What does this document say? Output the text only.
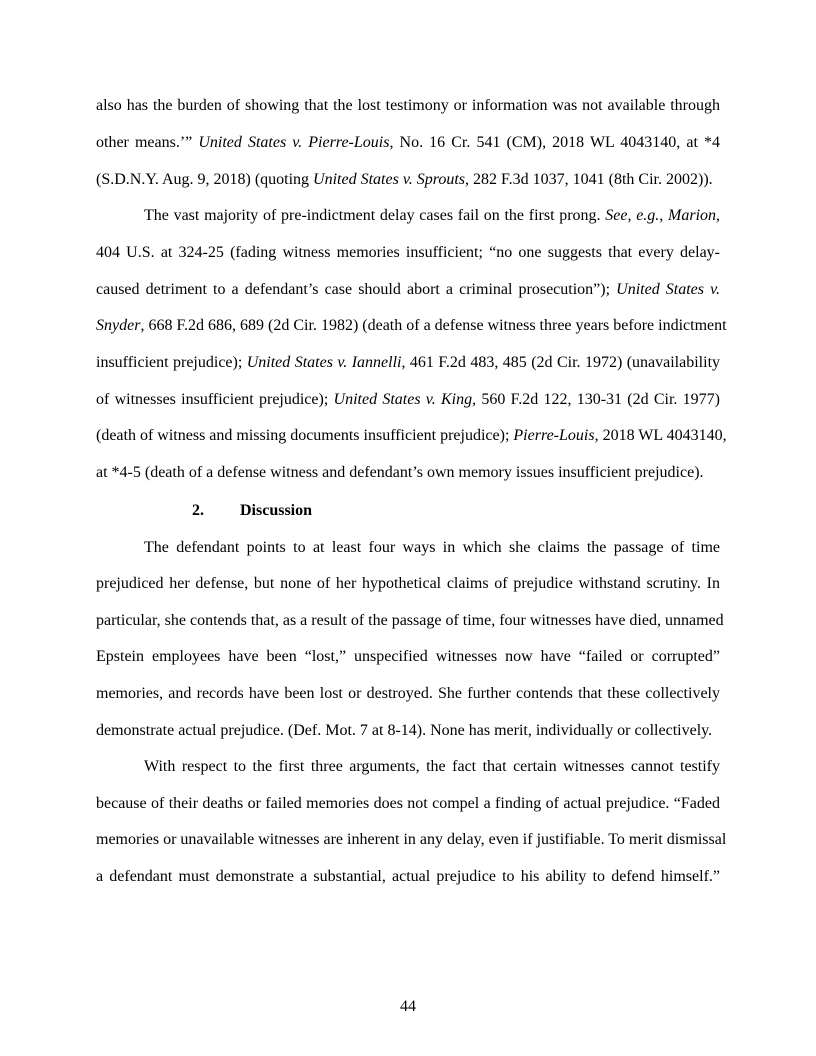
also has the burden of showing that the lost testimony or information was not available through
other means.’” United States v. Pierre-Louis, No. 16 Cr. 541 (CM), 2018 WL 4043140, at *4
(S.D.N.Y. Aug. 9, 2018) (quoting United States v. Sprouts, 282 F.3d 1037, 1041 (8th Cir. 2002)).
The vast majority of pre-indictment delay cases fail on the first prong. See, e.g., Marion,
404 U.S. at 324-25 (fading witness memories insufficient; “no one suggests that every delay-
caused detriment to a defendant’s case should abort a criminal prosecution”); United States v.
Snyder, 668 F.2d 686, 689 (2d Cir. 1982) (death of a defense witness three years before indictment
insufficient prejudice); United States v. Iannelli, 461 F.2d 483, 485 (2d Cir. 1972) (unavailability
of witnesses insufficient prejudice); United States v. King, 560 F.2d 122, 130-31 (2d Cir. 1977)
(death of witness and missing documents insufficient prejudice); Pierre-Louis, 2018 WL 4043140,
at *4-5 (death of a defense witness and defendant’s own memory issues insufficient prejudice).
2. Discussion
The defendant points to at least four ways in which she claims the passage of time
prejudiced her defense, but none of her hypothetical claims of prejudice withstand scrutiny. In
particular, she contends that, as a result of the passage of time, four witnesses have died, unnamed
Epstein employees have been “lost,” unspecified witnesses now have “failed or corrupted”
memories, and records have been lost or destroyed. She further contends that these collectively
demonstrate actual prejudice. (Def. Mot. 7 at 8-14). None has merit, individually or collectively.
With respect to the first three arguments, the fact that certain witnesses cannot testify
because of their deaths or failed memories does not compel a finding of actual prejudice. “Faded
memories or unavailable witnesses are inherent in any delay, even if justifiable. To merit dismissal
a defendant must demonstrate a substantial, actual prejudice to his ability to defend himself.”
44
